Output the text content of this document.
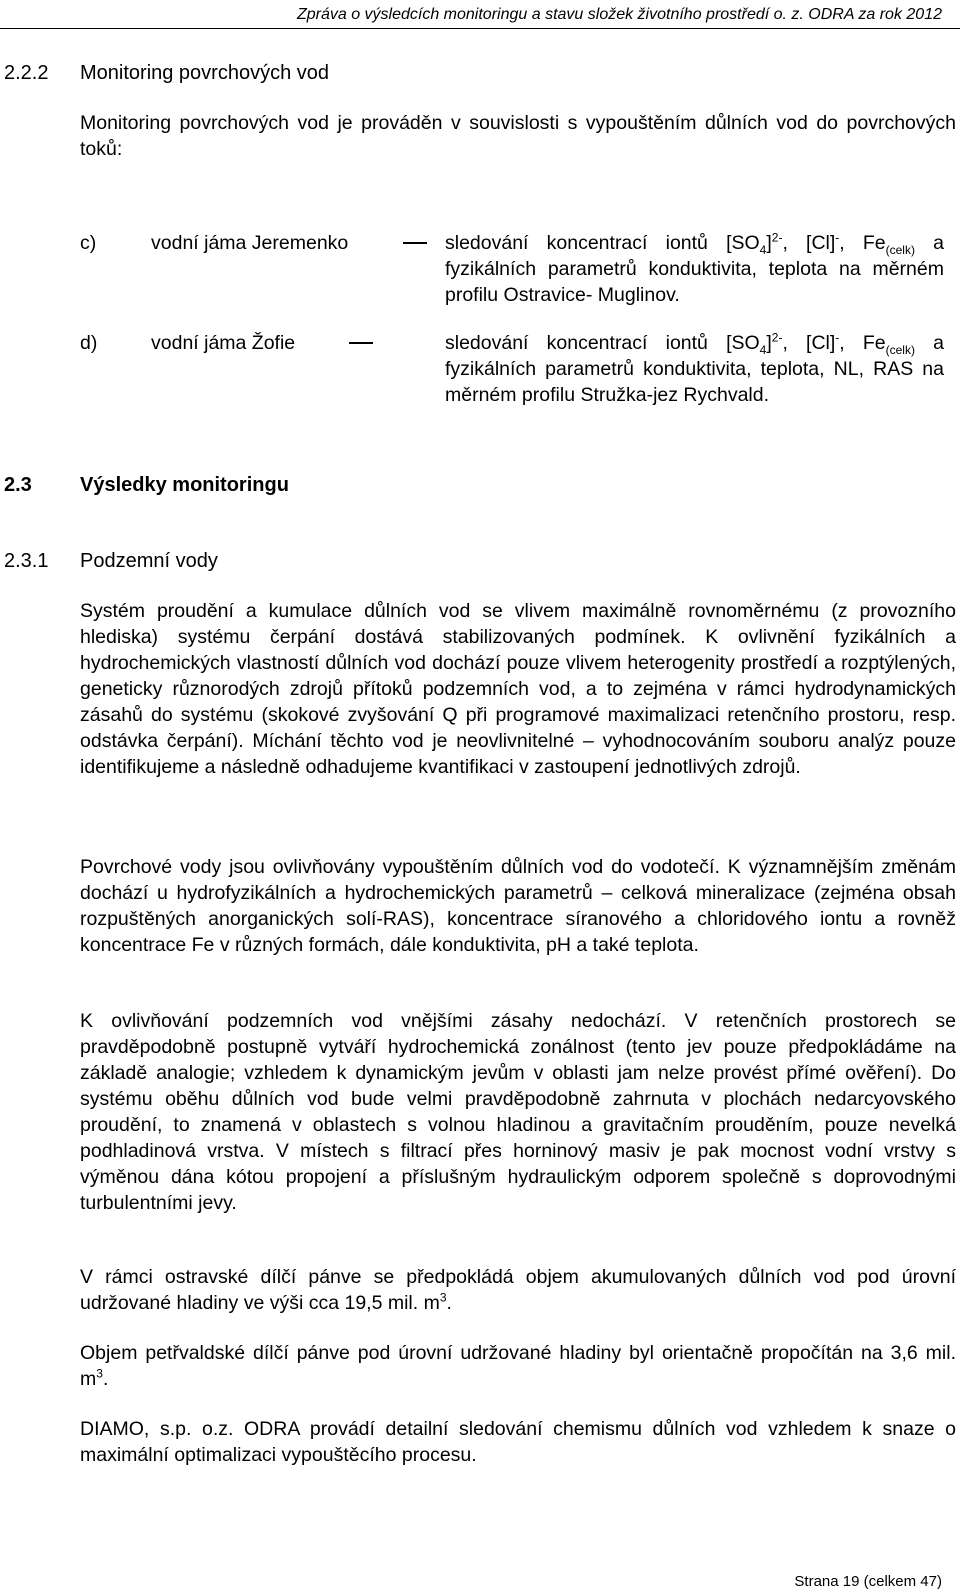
Zpráva o výsledcích monitoringu a stavu složek životního prostředí o. z. ODRA za rok 2012
2.2.2 Monitoring povrchových vod

Monitoring povrchových vod je prováděn v souvislosti s vypouštěním důlních vod do povrchových toků:

c)	vodní jáma Jeremenko	sledování koncentrací iontů $[SO_4]^{2-}$, [Cl]-, $Fe_{(celk)}$ a fyzikálních parametrů konduktivita, teplota na měrném profilu Ostravice- Muglinov.
d)	vodní jáma Žofie	sledování koncentrací iontů $[SO_4]^{2-}$, [Cl]-, $Fe_{(celk)}$ a fyzikálních parametrů konduktivita, teplota, NL, RAS na měrném profilu Stružka-jez Rychvald.
2.3 Výsledky monitoringu
2.3.1 Podzemní vody

Systém proudění a kumulace důlních vod se vlivem maximálně rovnoměrnému (z provozního hlediska) systému čerpání dostává stabilizovaných podmínek. K ovlivnění fyzikálních a hydrochemických vlastností důlních vod dochází pouze vlivem heterogenity prostředí a rozptýlených, geneticky různorodých zdrojů přítoků podzemních vod, a to zejména v rámci hydrodynamických zásahů do systému (skokové zvyšování Q při programové maximalizaci retenčního prostoru, resp. odstávka čerpání). Míchání těchto vod je neovlivnitelné – vyhodnocováním souboru analýz pouze identifikujeme a následně odhadujeme kvantifikaci v zastoupení jednotlivých zdrojů.

Povrchové vody jsou ovlivňovány vypouštěním důlních vod do vodotečí. K významnějším změnám dochází u hydrofyzikálních a hydrochemických parametrů – celková mineralizace (zejména obsah rozpuštěných anorganických solí-RAS), koncentrace síranového a chloridového iontu a rovněž koncentrace Fe v různých formách, dále konduktivita, pH a také teplota.

K ovlivňování podzemních vod vnějšími zásahy nedochází. V retenčních prostorech se pravděpodobně postupně vytváří hydrochemická zonálnost (tento jev pouze předpokládáme na základě analogie; vzhledem k dynamickým jevům v oblasti jam nelze provést přímé ověření). Do systému oběhu důlních vod bude velmi pravděpodobně zahrnuta v plochách nedarcyovského proudění, to znamená v oblastech s volnou hladinou a gravitačním prouděním, pouze nevelká podhladinová vrstva. V místech s filtrací přes horninový masiv je pak mocnost vodní vrstvy s výměnou dána kótou propojení a příslušným hydraulickým odporem společně s doprovodnými turbulentními jevy.

V rámci ostravské dílčí pánve se předpokládá objem akumulovaných důlních vod pod úrovní udržované hladiny ve výši cca 19,5 mil. $m^3$.

Objem petřvaldské dílčí pánve pod úrovní udržované hladiny byl orientačně propočítán na 3,6 mil. $m^3$.

DIAMO, s.p. o.z. ODRA provádí detailní sledování chemismu důlních vod vzhledem k snaze o maximální optimalizaci vypouštěcího procesu.

Strana 19 (celkem 47)
